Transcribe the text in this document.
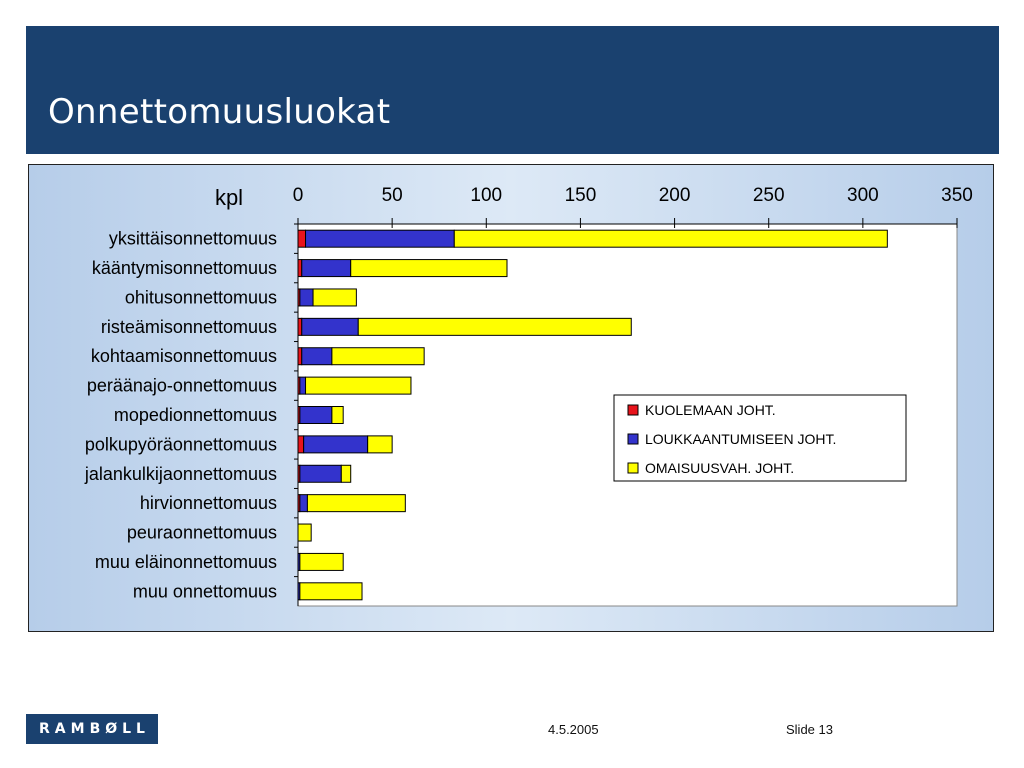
Onnettomuusluokat
0	50	100	150	200	250	300	350
kpl
yksittäisonnettomuus
kääntymisonnettomuus
ohitusonnettomuus
risteämisonnettomuus
kohtaamisonnettomuus
peräänajo-onnettomuus
mopedionnettomuus
polkupyöräonnettomuus
jalankulkijaonnettomuus
hirvionnettomuus
peuraonnettomuus
muu eläinonnettomuus
muu onnettomuus
KUOLEMAAN JOHT.
LOUKKAANTUMISEEN JOHT.
OMAISUUSVAH. JOHT.
RAMBØLL	4.5.2005	Slide 13
